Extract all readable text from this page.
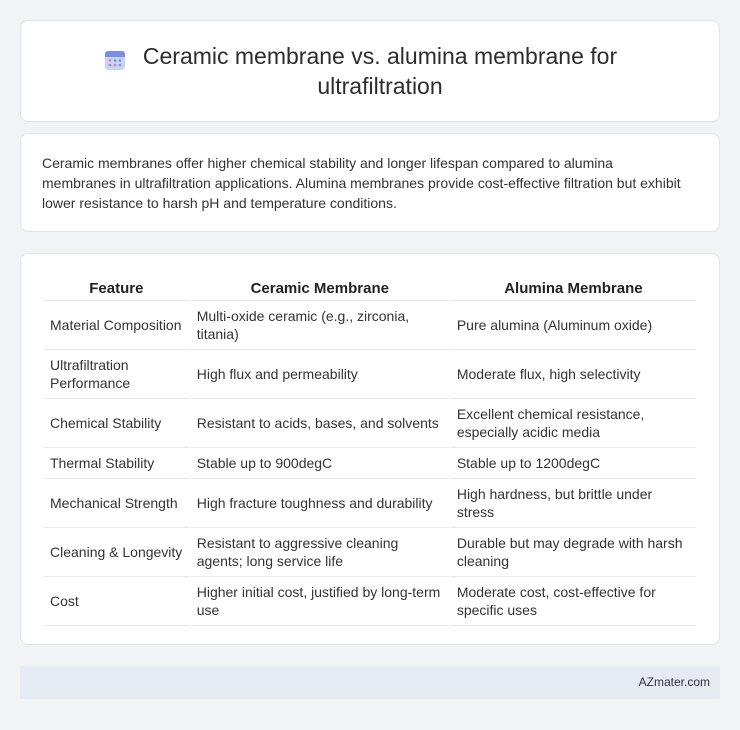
Ceramic membrane vs. alumina membrane for ultrafiltration

Ceramic membranes offer higher chemical stability and longer lifespan compared to alumina membranes in ultrafiltration applications. Alumina membranes provide cost-effective filtration but exhibit lower resistance to harsh pH and temperature conditions.

Feature	Ceramic Membrane	Alumina Membrane
Material Composition	Multi-oxide ceramic (e.g., zirconia, titania)	Pure alumina (Aluminum oxide)
Ultrafiltration Performance	High flux and permeability	Moderate flux, high selectivity
Chemical Stability	Resistant to acids, bases, and solvents	Excellent chemical resistance, especially acidic media
Thermal Stability	Stable up to 900degC	Stable up to 1200degC
Mechanical Strength	High fracture toughness and durability	High hardness, but brittle under stress
Cleaning & Longevity	Resistant to aggressive cleaning agents; long service life	Durable but may degrade with harsh cleaning
Cost	Higher initial cost, justified by long-term use	Moderate cost, cost-effective for specific uses
AZmater.com
